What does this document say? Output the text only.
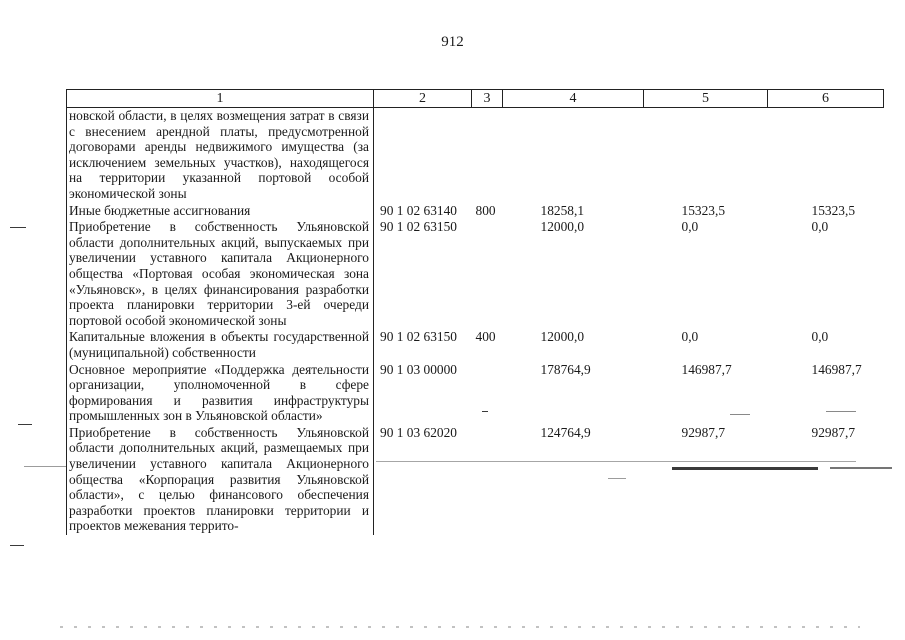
912
1	2	3	4	5	6
новской области, в целях возмещения затрат в связи с внесением арендной платы, предусмотренной договорами аренды недвижимого имущества (за исключением земельных участков), находящегося на территории указанной портовой особой экономической зоны					
Иные бюджетные ассигнования	90 1 02 63140	800	18258,1	15323,5	15323,5
Приобретение в собственность Ульяновской области дополнительных акций, выпускаемых при увеличении уставного капитала Акционерного общества «Портовая особая экономическая зона «Ульяновск», в целях финансирования разработки проекта планировки территории 3-ей очереди портовой особой экономической зоны	90 1 02 63150		12000,0	0,0	0,0
Капитальные вложения в объекты государственной (муниципальной) собственности	90 1 02 63150	400	12000,0	0,0	0,0
Основное мероприятие «Поддержка деятельности организации, уполномоченной в сфере формирования и развития инфраструктуры промышленных зон в Ульяновской области»	90 1 03 00000		178764,9	146987,7	146987,7
Приобретение в собственность Ульяновской области дополнительных акций, размещаемых при увеличении уставного капитала Акционерного общества «Корпорация развития Ульяновской области», с целью финансового обеспечения разработки проектов планировки территории и проектов межевания террито-	90 1 03 62020		124764,9	92987,7	92987,7
